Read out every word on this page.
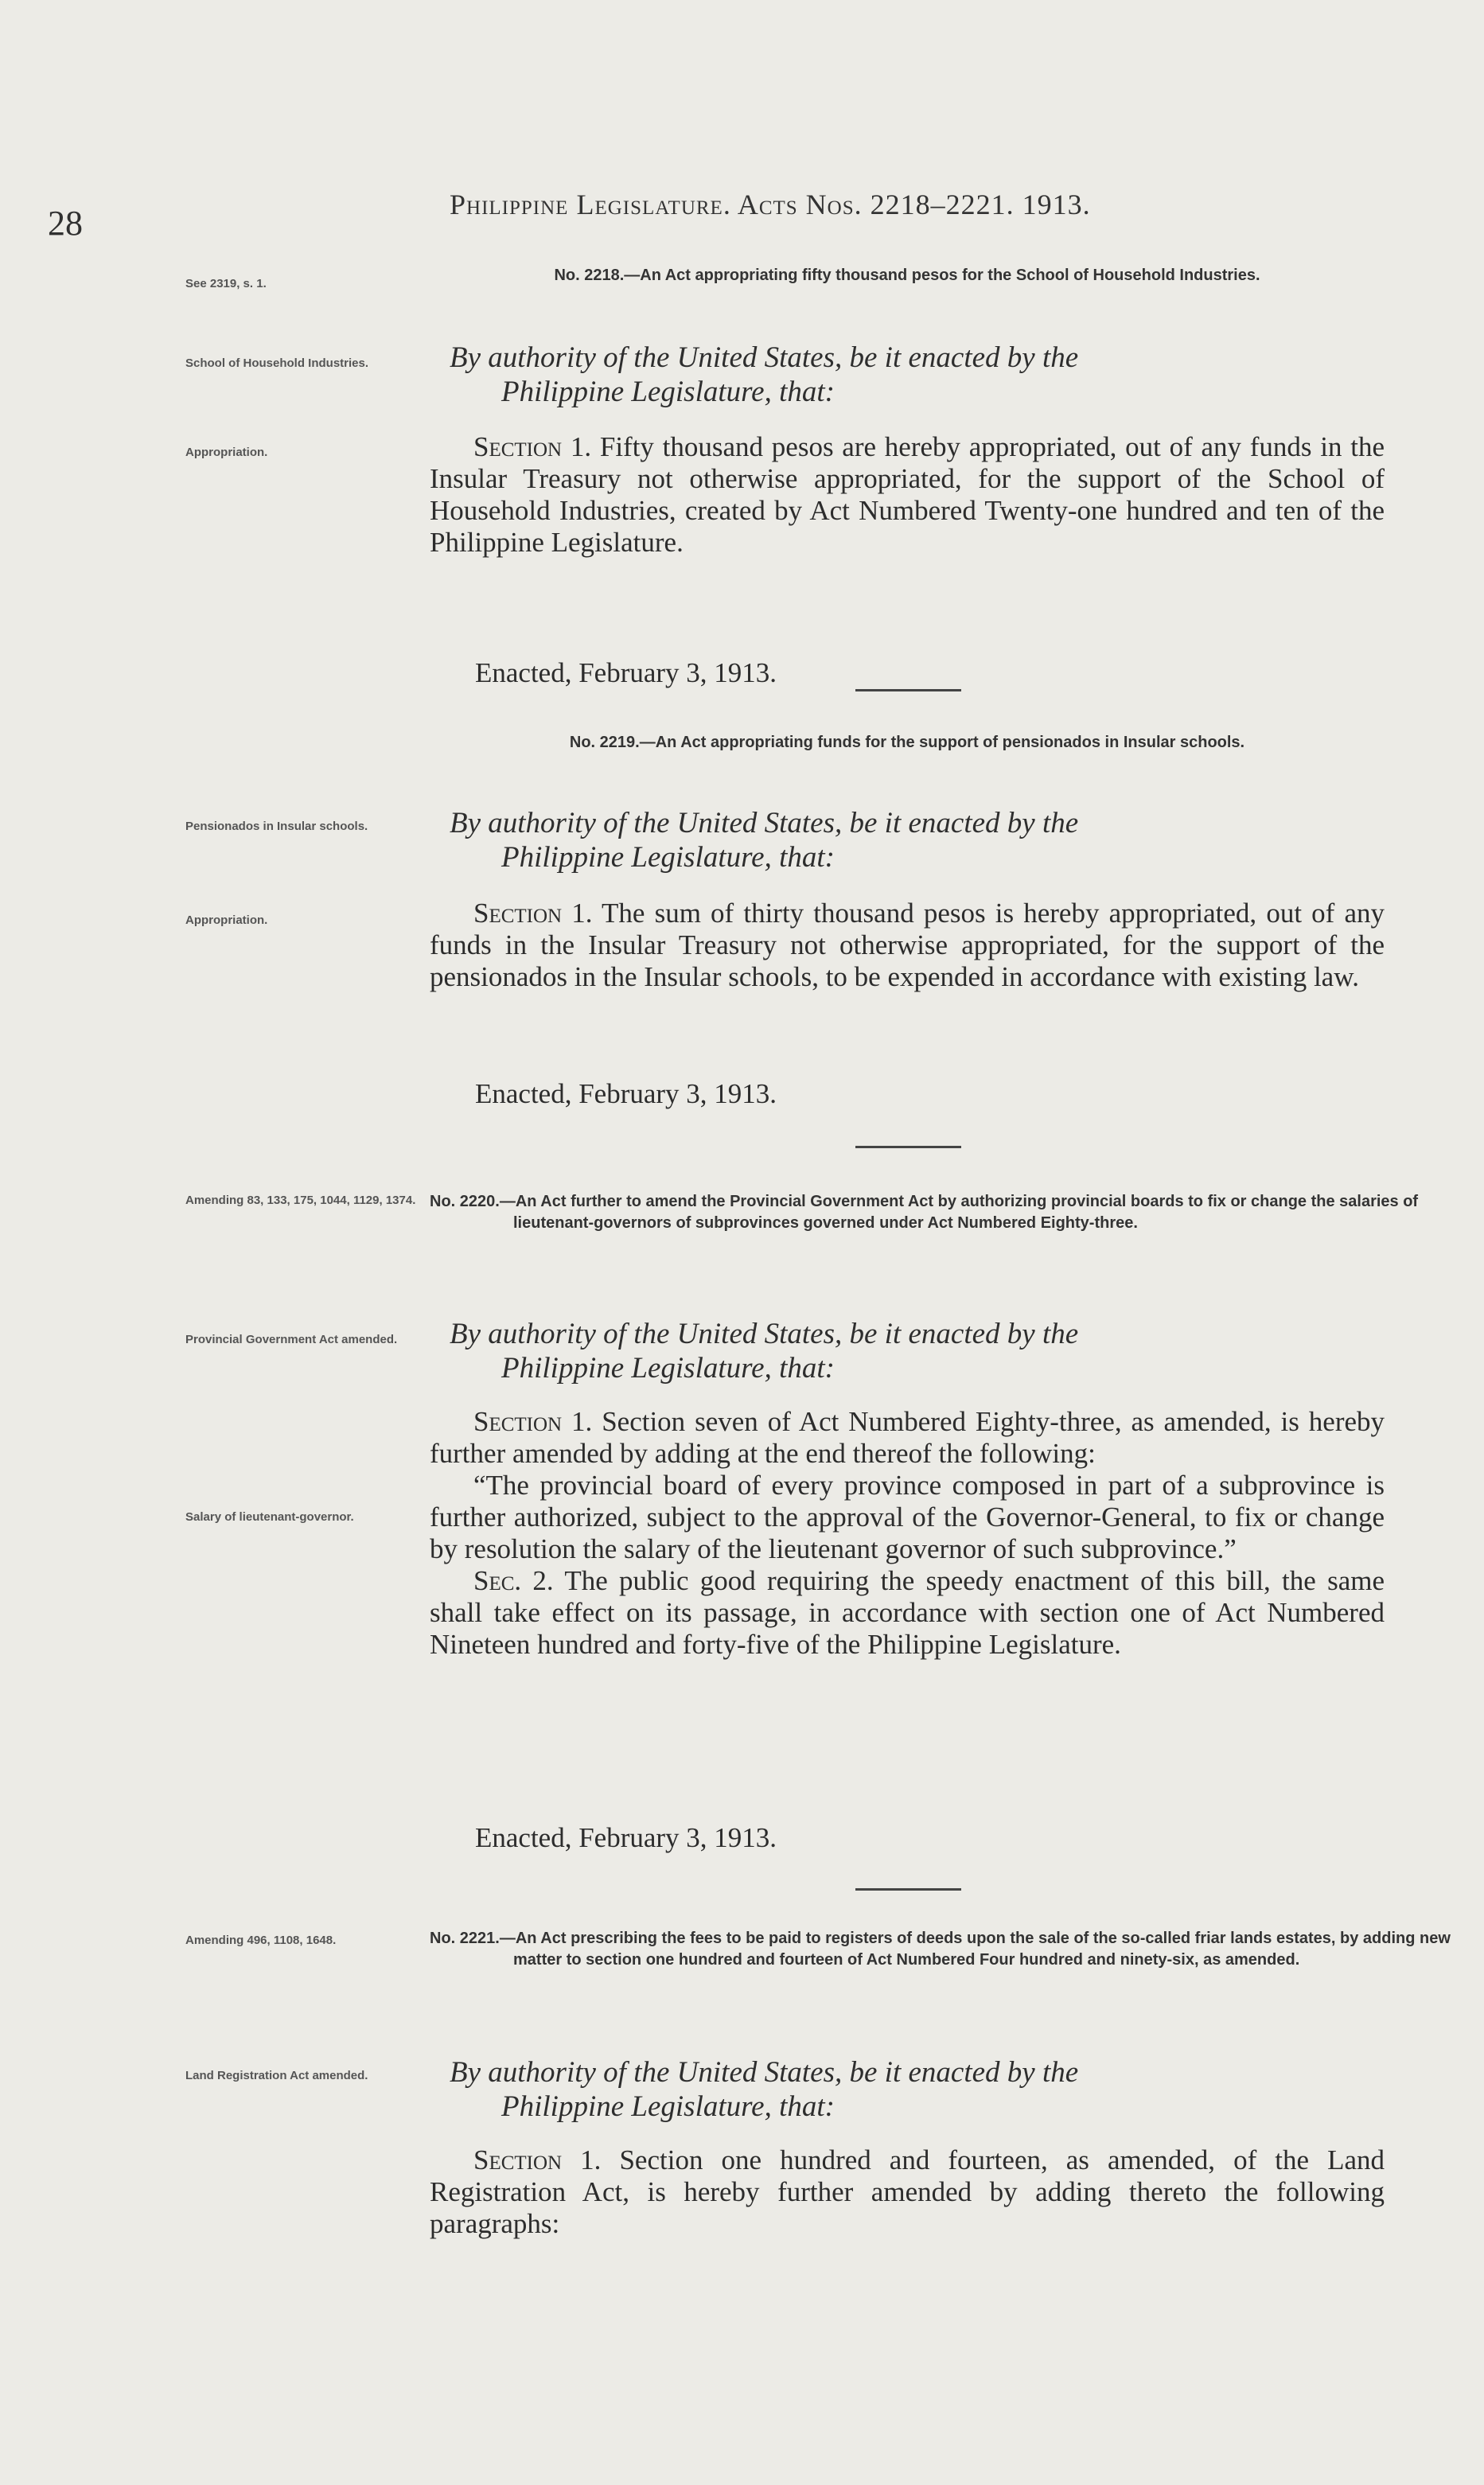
28	Philippine Legislature. Acts Nos. 2218–2221. 1913.
See 2319, s. 1.	No. 2218.—An Act appropriating fifty thousand pesos for the School of Household Industries.
School of Household Industries.	By authority of the United States, be it enacted by the
Philippine Legislature, that:
Appropriation.	Section 1. Fifty thousand pesos are hereby appropriated, out of any funds in the Insular Treasury not otherwise appropriated, for the support of the School of Household Industries, created by Act Numbered Twenty-one hundred and ten of the Philippine Legislature.
Enacted, February 3, 1913.
No. 2219.—An Act appropriating funds for the support of pensionados in Insular schools.
Pensionados in Insular schools.	By authority of the United States, be it enacted by the
Philippine Legislature, that:
Appropriation.	Section 1. The sum of thirty thousand pesos is hereby appropriated, out of any funds in the Insular Treasury not otherwise appropriated, for the support of the pensionados in the Insular schools, to be expended in accordance with existing law.
Enacted, February 3, 1913.
Amending 83, 133, 175, 1044, 1129, 1374. No. 2220.—An Act further to amend the Provincial Government Act by authorizing provincial boards to fix or change the salaries of lieutenant-governors of subprovinces governed under Act Numbered Eighty-three.
Provincial Government Act amended.	By authority of the United States, be it enacted by the
Philippine Legislature, that:
Salary of lieutenant-governor.
Section 1. Section seven of Act Numbered Eighty-three, as amended, is hereby further amended by adding at the end thereof the following:
“The provincial board of every province composed in part of a subprovince is further authorized, subject to the approval of the Governor-General, to fix or change by resolution the salary of the lieutenant governor of such subprovince.”
Sec. 2. The public good requiring the speedy enactment of this bill, the same shall take effect on its passage, in accordance with section one of Act Numbered Nineteen hundred and forty-five of the Philippine Legislature.
Enacted, February 3, 1913.
Amending 496, 1108, 1648.	No. 2221.—An Act prescribing the fees to be paid to registers of deeds upon the sale of the so-called friar lands estates, by adding new matter to section one hundred and fourteen of Act Numbered Four hundred and ninety-six, as amended.
Land Registration Act amended.	By authority of the United States, be it enacted by the
Philippine Legislature, that:
Section 1. Section one hundred and fourteen, as amended, of the Land Registration Act, is hereby further amended by adding thereto the following paragraphs:
